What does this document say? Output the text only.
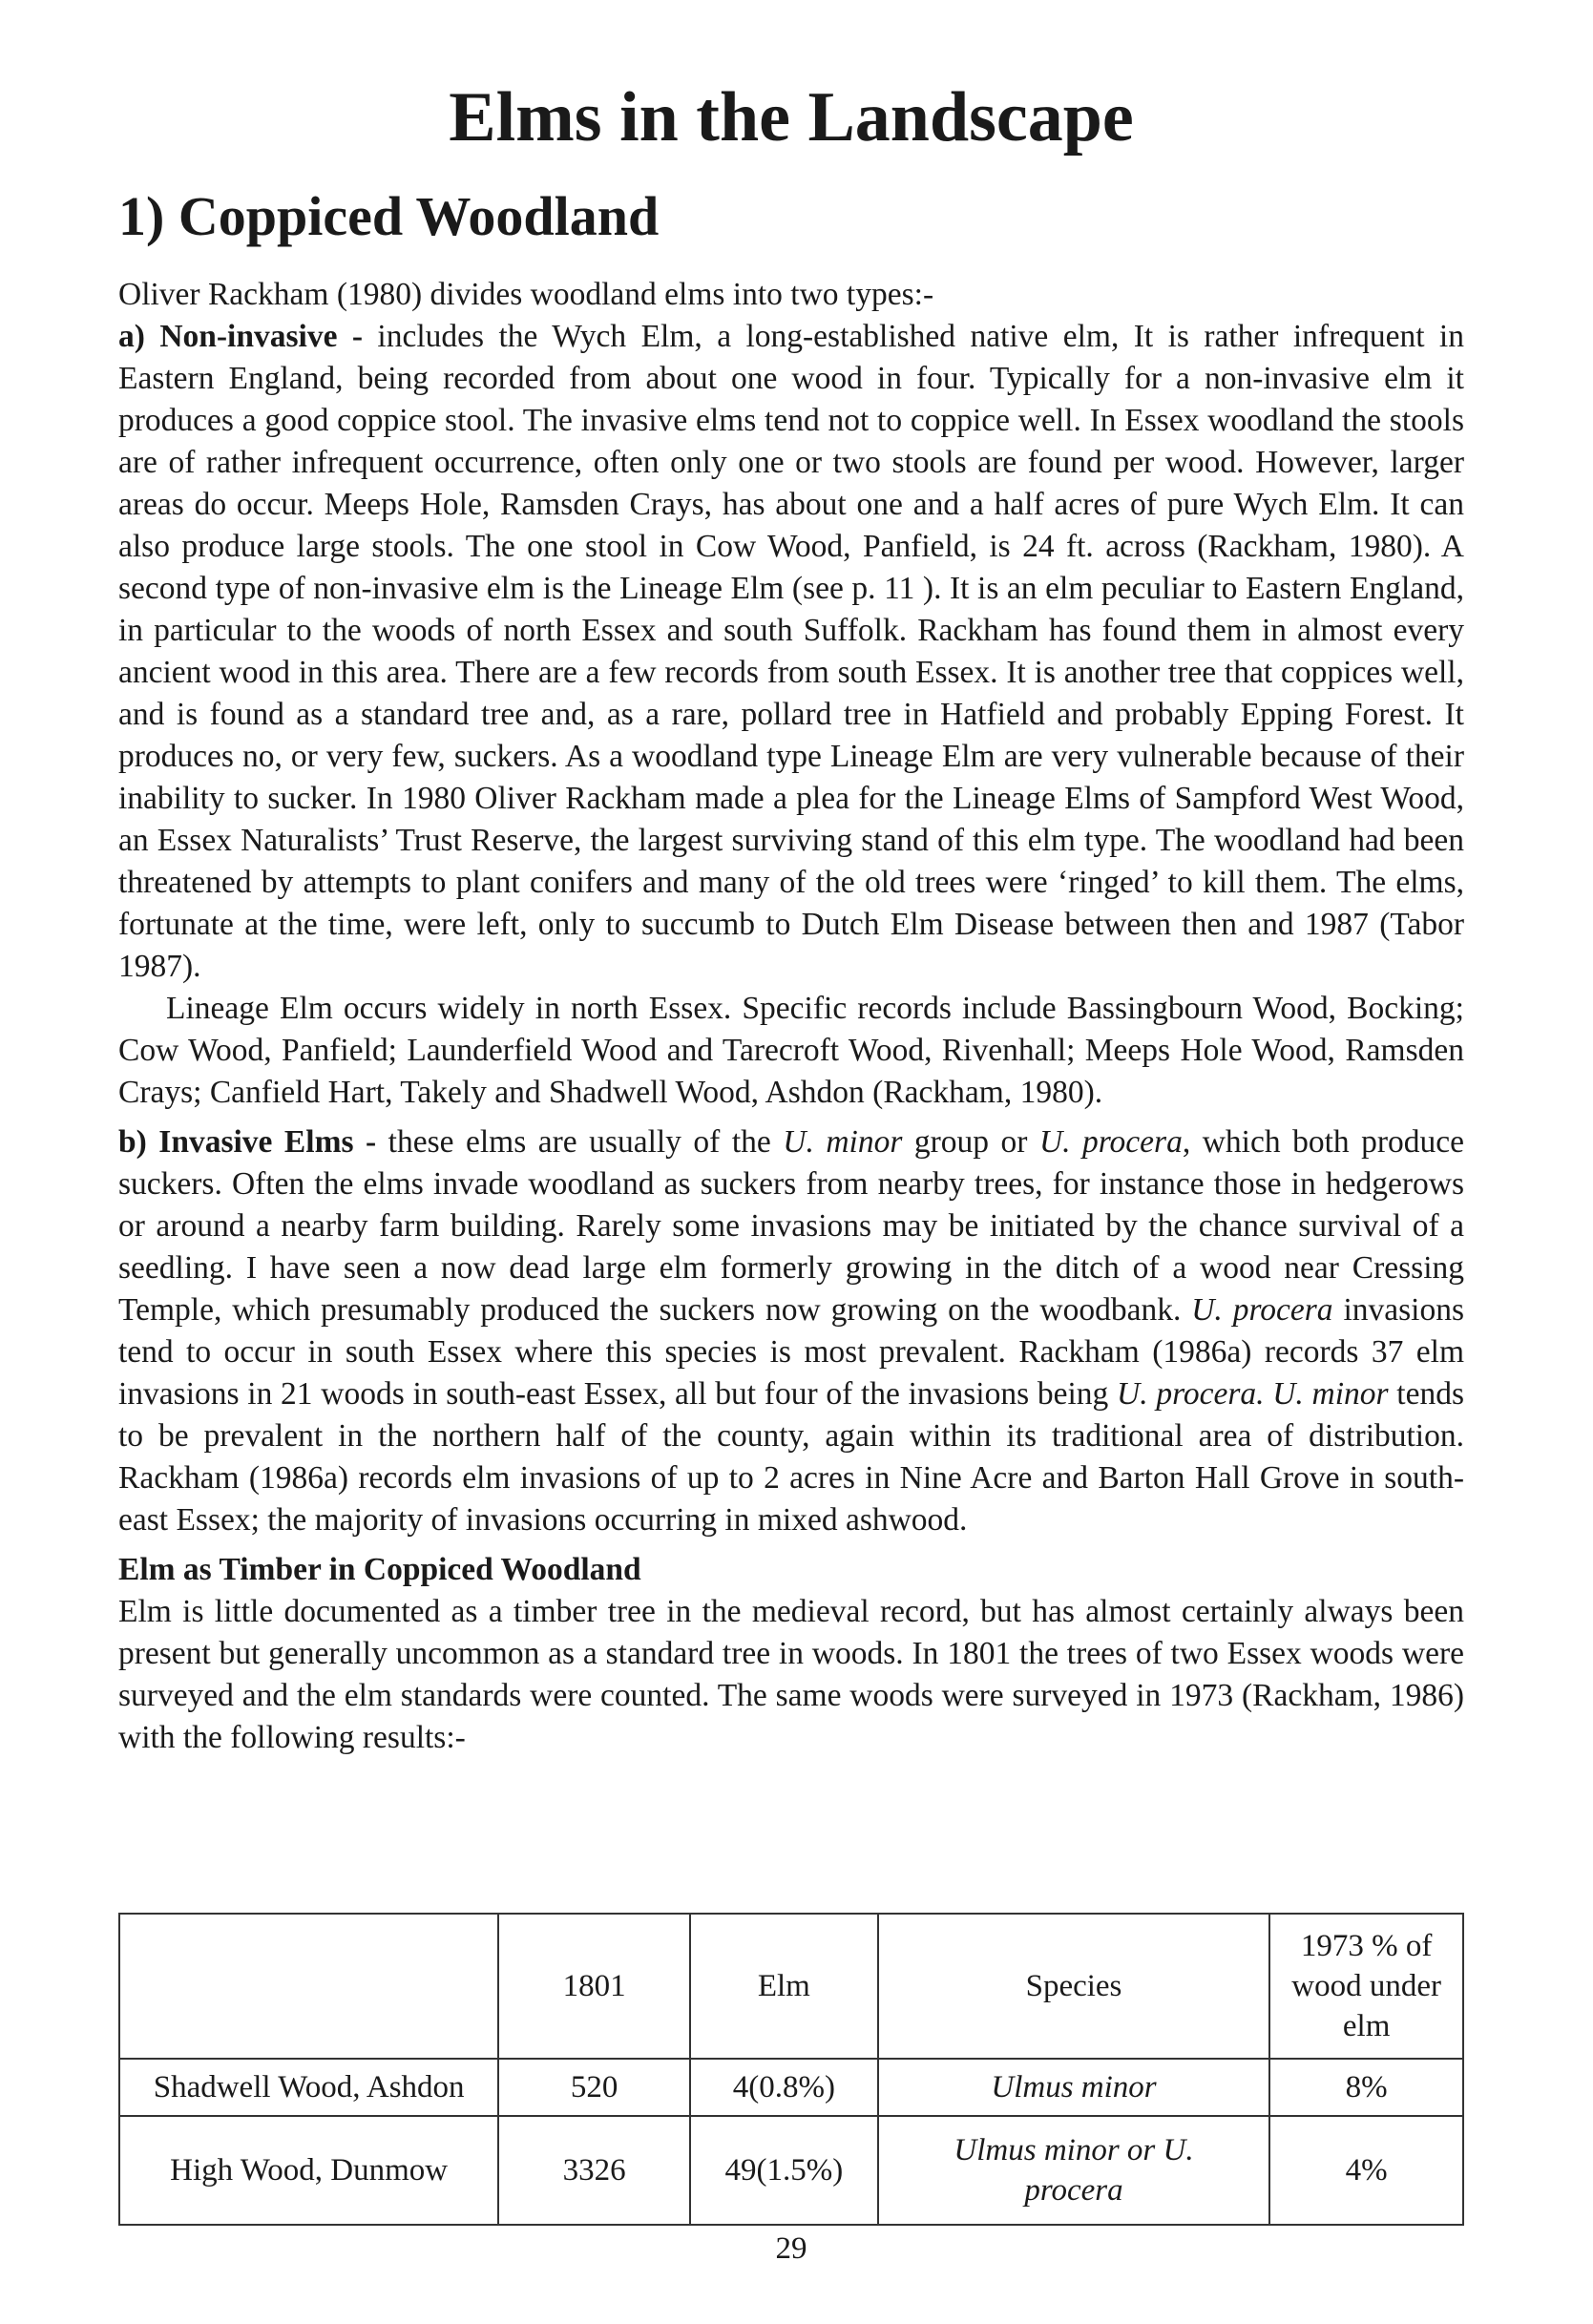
Elms in the Landscape
1) Coppiced Woodland

Oliver Rackham (1980) divides woodland elms into two types:-

a) Non-invasive - includes the Wych Elm, a long-established native elm, It is rather infrequent in Eastern England, being recorded from about one wood in four. Typically for a non-invasive elm it produces a good coppice stool. The invasive elms tend not to coppice well. In Essex woodland the stools are of rather infrequent occurrence, often only one or two stools are found per wood. However, larger areas do occur. Meeps Hole, Ramsden Crays, has about one and a half acres of pure Wych Elm. It can also produce large stools. The one stool in Cow Wood, Panfield, is 24 ft. across (Rackham, 1980). A second type of non-invasive elm is the Lineage Elm (see p. 11 ). It is an elm peculiar to Eastern England, in particular to the woods of north Essex and south Suffolk. Rackham has found them in almost every ancient wood in this area. There are a few records from south Essex. It is another tree that coppices well, and is found as a standard tree and, as a rare, pollard tree in Hatfield and probably Epping Forest. It produces no, or very few, suckers. As a woodland type Lineage Elm are very vulnerable because of their inability to sucker. In 1980 Oliver Rackham made a plea for the Lineage Elms of Sampford West Wood, an Essex Naturalists’ Trust Reserve, the largest surviving stand of this elm type. The woodland had been threatened by attempts to plant conifers and many of the old trees were ‘ringed’ to kill them. The elms, fortunate at the time, were left, only to succumb to Dutch Elm Disease between then and 1987 (Tabor 1987).

Lineage Elm occurs widely in north Essex. Specific records include Bassingbourn Wood, Bocking; Cow Wood, Panfield; Launderfield Wood and Tarecroft Wood, Rivenhall; Meeps Hole Wood, Ramsden Crays; Canfield Hart, Takely and Shadwell Wood, Ashdon (Rackham, 1980).

b) Invasive Elms - these elms are usually of the U. minor group or U. procera, which both produce suckers. Often the elms invade woodland as suckers from nearby trees, for instance those in hedgerows or around a nearby farm building. Rarely some invasions may be initiated by the chance survival of a seedling. I have seen a now dead large elm formerly growing in the ditch of a wood near Cressing Temple, which presumably produced the suckers now growing on the woodbank. U. procera invasions tend to occur in south Essex where this species is most prevalent. Rackham (1986a) records 37 elm invasions in 21 woods in south-east Essex, all but four of the invasions being U. procera. U. minor tends to be prevalent in the northern half of the county, again within its traditional area of distribution. Rackham (1986a) records elm invasions of up to 2 acres in Nine Acre and Barton Hall Grove in south-east Essex; the majority of invasions occurring in mixed ashwood.

Elm as Timber in Coppiced Woodland

Elm is little documented as a timber tree in the medieval record, but has almost certainly always been present but generally uncommon as a standard tree in woods. In 1801 the trees of two Essex woods were surveyed and the elm standards were counted. The same woods were surveyed in 1973 (Rackham, 1986) with the following results:-

	1801	Elm	Species	1973 % of wood under elm
Shadwell Wood, Ashdon	520	4(0.8%)	Ulmus minor	8%
High Wood, Dunmow	3326	49(1.5%)	Ulmus minor or U. procera	4%
29
